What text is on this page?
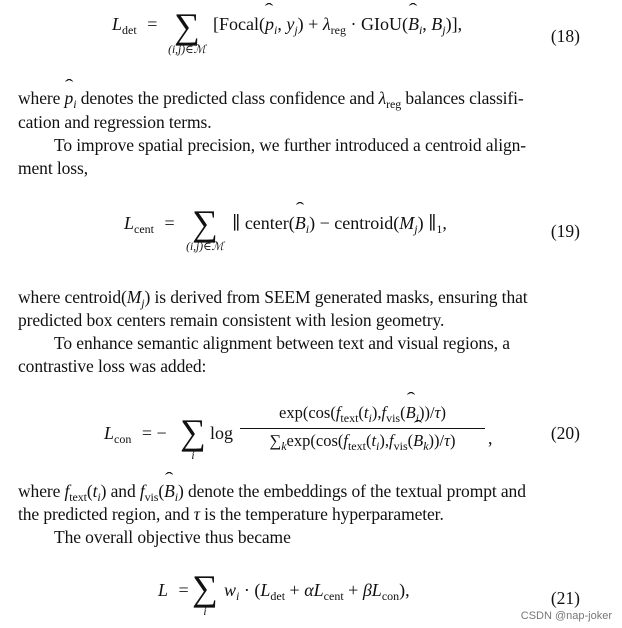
$L_{det}$ = ∑
(i,j)∈ℳ
[Focal(ˆ $p_i$, $y_j) + \lambda_{reg}$ · GIoU(ˆ $B_i$, $B_j$)],
(18)
where ˆ $p_i$ denotes the predicted class confidence and $\lambda_{reg}$ balances classifi-
cation and regression terms.
To improve spatial precision, we further introduced a centroid align-
ment loss,
$L_{cent}$ = ∑
(i,j)∈ℳ
∥ center(ˆ $B_i$) − $centroid(M_j)$ $\parallel_1$,	(19)
where $centroid(M_j)$ is derived from SEEM generated masks, ensuring that
predicted box centers remain consistent with lesion geometry.
To enhance semantic alignment between text and visual regions, a
contrastive loss was added:
$L_{con}$ = − ∑
i
log
$\exp(\cos(f_{text}(t_i),f_{vis}(ˆ$ $B_i))/\tau$)
$\sum_k\exp(\cos(f_{text}(t_i),f_{vis}(ˆ$ $B_k))/\tau$)	,	(20)
where $f_{text}(t_i)$ and $f_{vis}(ˆ$ $B_i$) denote the embeddings of the textual prompt and
the predicted region, and τ is the temperature hyperparameter.
The overall objective thus became
L = ∑
i
$w_i \cdot (L_{det} + \alpha L_{cent} + \beta L_{con})$,	(21)
CSDN @nap-joker
